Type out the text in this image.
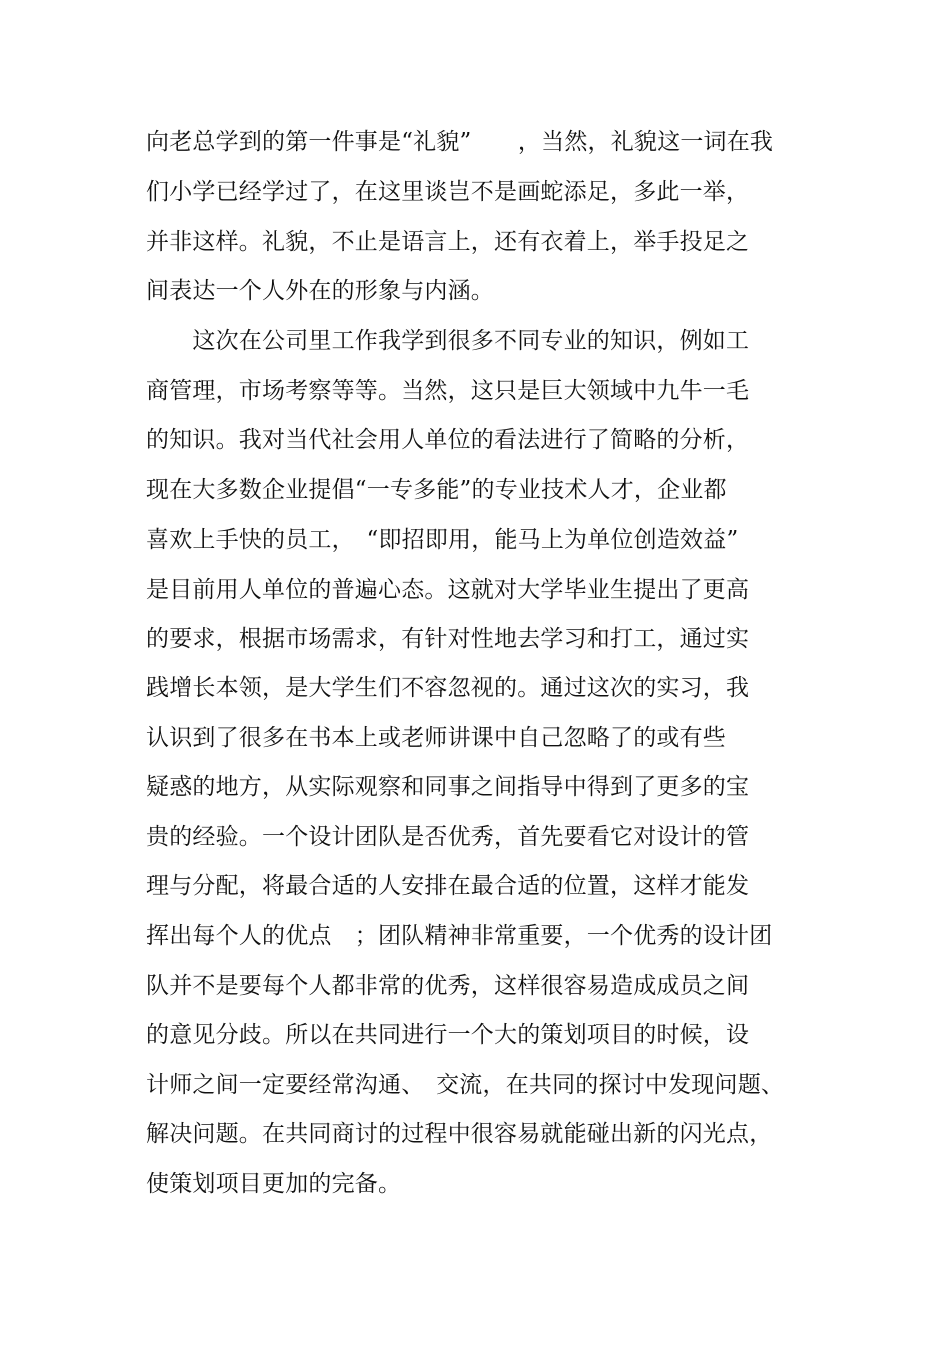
向老总学到的第一件事是“礼貌”　　，当然，礼貌这一词在我
们小学已经学过了，在这里谈岂不是画蛇添足，多此一举，
并非这样。礼貌，不止是语言上，还有衣着上，举手投足之
间表达一个人外在的形象与内涵。
　　这次在公司里工作我学到很多不同专业的知识，例如工
商管理，市场考察等等。当然，这只是巨大领域中九牛一毛
的知识。我对当代社会用人单位的看法进行了简略的分析，
现在大多数企业提倡“一专多能”的专业技术人才，企业都
喜欢上手快的员工，　“即招即用，能马上为单位创造效益”
是目前用人单位的普遍心态。这就对大学毕业生提出了更高
的要求，根据市场需求，有针对性地去学习和打工，通过实
践增长本领，是大学生们不容忽视的。通过这次的实习，我
认识到了很多在书本上或老师讲课中自己忽略了的或有些
疑惑的地方，从实际观察和同事之间指导中得到了更多的宝
贵的经验。一个设计团队是否优秀，首先要看它对设计的管
理与分配，将最合适的人安排在最合适的位置，这样才能发
挥出每个人的优点　；团队精神非常重要，一个优秀的设计团
队并不是要每个人都非常的优秀，这样很容易造成成员之间
的意见分歧。所以在共同进行一个大的策划项目的时候，设
计师之间一定要经常沟通、　交流，在共同的探讨中发现问题、
解决问题。在共同商讨的过程中很容易就能碰出新的闪光点，
使策划项目更加的完备。
